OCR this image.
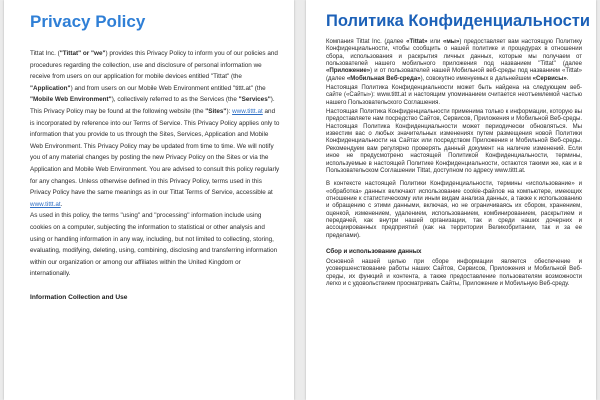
Privacy Policy

Tittat Inc. ("Tittat" or "we") provides this Privacy Policy to inform you of our policies and procedures regarding the collection, use and disclosure of personal information we receive from users on our application for mobile devices entitled "Tittat" (the "Application") and from users on our Mobile Web Environment entitled "tittt.at" (the "Mobile Web Environment"), collectively referred to as the Services (the "Services").

This Privacy Policy may be found at the following website (the "Sites"): www.tittt.at and is incorporated by reference into our Terms of Service. This Privacy Policy applies only to information that you provide to us through the Sites, Services, Application and Mobile Web Environment. This Privacy Policy may be updated from time to time. We will notify you of any material changes by posting the new Privacy Policy on the Sites or via the Application and Mobile Web Environment. You are advised to consult this policy regularly for any changes. Unless otherwise defined in this Privacy Policy, terms used in this Privacy Policy have the same meanings as in our Tittat Terms of Service, accessible at www.tittt.at.

As used in this policy, the terms "using" and "processing" information include using cookies on a computer, subjecting the information to statistical or other analysis and using or handling information in any way, including, but not limited to collecting, storing, evaluating, modifying, deleting, using, combining, disclosing and transferring information within our organization or among our affiliates within the United Kingdom or internationally.

Information Collection and Use
Политика Конфиденциальности

Компания Tittat Inc. (далее «Tittat» или «мы») предоставляет вам настоящую Политику Конфиденциальности, чтобы сообщить о нашей политике и процедурах в отношении сбора, использования и раскрытия личных данных, которые мы получаем от пользователей нашего мобильного приложения под названием "Tittat" (далее «Приложение») и от пользователей нашей Мобильной веб-среды под названием «Tittat» (далее «Мобильная Веб-среда»), совокупно именуемых в дальнейшем «Сервисы».

Настоящая Политика Конфиденциальности может быть найдена на следующем веб-сайте («Сайты»): www.tittt.at и настоящим упоминанием считается неотъемлемой частью нашего Пользовательского Соглашения.

Настоящая Политика Конфиденциальности применима только к информации, которую вы предоставляете нам посредство Сайтов, Сервисов, Приложения и Мобильной Веб-среды. Настоящая Политика Конфиденциальности может периодически обновляться. Мы известим вас о любых значительных изменениях путем размещения новой Политики Конфиденциальности на Сайтах или посредством Приложения и Мобильной Веб-среды. Рекомендуем вам регулярно проверять данный документ на наличие изменений. Если иное не предусмотрено настоящей Политикой Конфиденциальности, термины, используемые в настоящей Политике Конфиденциальности, остаются такими же, как и в Пользовательском Соглашении Tittat, доступном по адресу www.tittt.at.

В контексте настоящей Политики Конфиденциальности, термины «использование» и «обработка» данных включают использование cookie-файлов на компьютере, имеющих отношение к статистическому или иным видам анализа данных, а также к использованию и обращению с этими данными, включая, но не ограничиваясь их сбором, хранением, оценкой, изменением, удалением, использованием, комбинированием, раскрытием и передачей, как внутри нашей организации, так и среди наших дочерних и ассоциированных предприятий (как на территории Великобритании, так и за ее пределами).

Сбор и использование данных

Основной нашей целью при сборе информации является обеспечение и усовершенствование работы наших Сайтов, Сервисов, Приложения и Мобильной Веб-среды, их функций и контента, а также предоставление пользователям возможности легко и с удовольствием просматривать Сайты, Приложение и Мобильную Веб-среду.
